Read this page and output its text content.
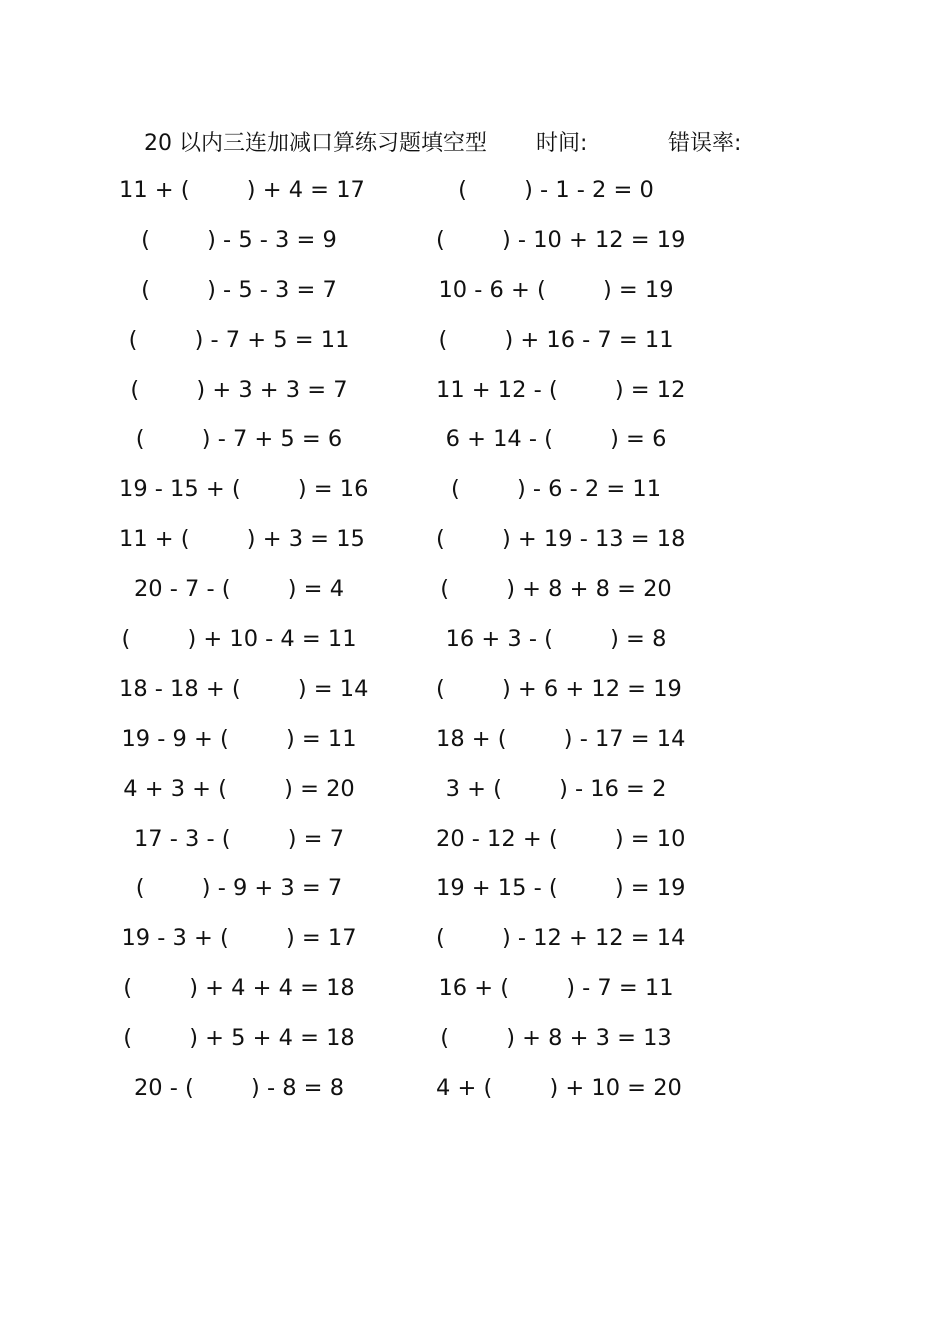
20 以内三连加减口算练习题填空型 时间:	错误率:
11 + (        ) + 4 = 17
(        ) - 5 - 3 = 9
(        ) - 5 - 3 = 7
(        ) - 7 + 5 = 11
(        ) + 3 + 3 = 7
(        ) - 7 + 5 = 6
19 - 15 + (        ) = 16
11 + (        ) + 3 = 15
20 - 7 - (        ) = 4
(        ) + 10 - 4 = 11
18 - 18 + (        ) = 14
19 - 9 + (        ) = 11
4 + 3 + (        ) = 20
17 - 3 - (        ) = 7
(        ) - 9 + 3 = 7
19 - 3 + (        ) = 17
(        ) + 4 + 4 = 18
(        ) + 5 + 4 = 18
20 - (        ) - 8 = 8
(        ) - 1 - 2 = 0
(        ) - 10 + 12 = 19
10 - 6 + (        ) = 19
(        ) + 16 - 7 = 11
11 + 12 - (        ) = 12
6 + 14 - (        ) = 6
(        ) - 6 - 2 = 11
(        ) + 19 - 13 = 18
(        ) + 8 + 8 = 20
16 + 3 - (        ) = 8
(        ) + 6 + 12 = 19
18 + (        ) - 17 = 14
3 + (        ) - 16 = 2
20 - 12 + (        ) = 10
19 + 15 - (        ) = 19
(        ) - 12 + 12 = 14
16 + (        ) - 7 = 11
(        ) + 8 + 3 = 13
4 + (        ) + 10 = 20
